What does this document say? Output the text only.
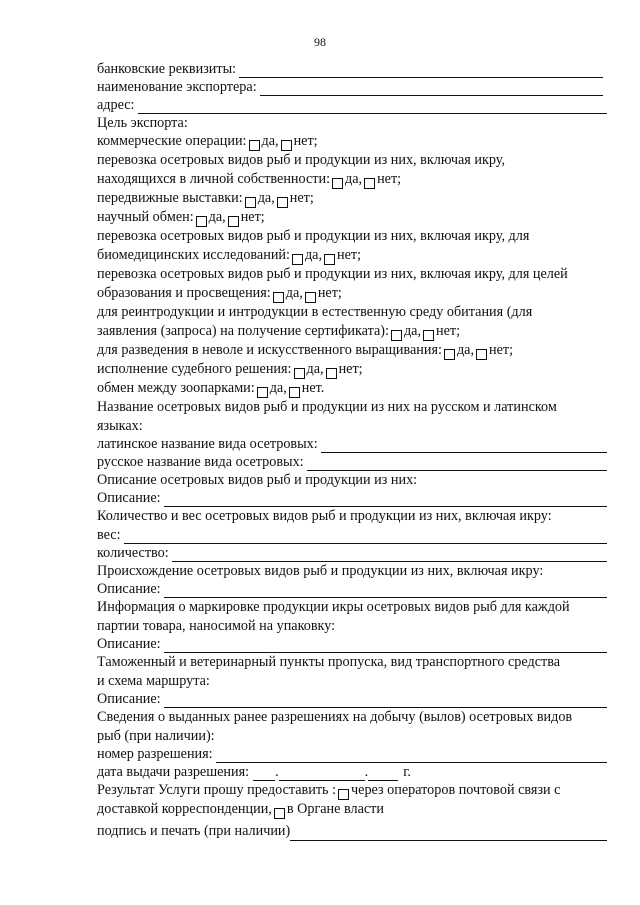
98
банковские реквизиты:
наименование экспортера:
адрес:
Цель экспорта:
коммерческие операции: да, нет;
перевозка осетровых видов рыб и продукции из них, включая икру,
находящихся в личной собственности: да, нет;
передвижные выставки: да, нет;
научный обмен: да, нет;
перевозка осетровых видов рыб и продукции из них, включая икру, для
биомедицинских исследований: да, нет;
перевозка осетровых видов рыб и продукции из них, включая икру, для целей
образования и просвещения: да, нет;
для реинтродукции и интродукции в естественную среду обитания (для
заявления (запроса) на получение сертификата): да, нет;
для разведения в неволе и искусственного выращивания: да, нет;
исполнение судебного решения: да, нет;
обмен между зоопарками: да, нет.
Название осетровых видов рыб и продукции из них на русском и латинском
языках:
латинское название вида осетровых:
русское название вида осетровых:
Описание осетровых видов рыб и продукции из них:
Описание:
Количество и вес осетровых видов рыб и продукции из них, включая икру:
вес:
количество:
Происхождение осетровых видов рыб и продукции из них, включая икру:
Описание:
Информация о маркировке продукции икры осетровых видов рыб для каждой
партии товара, наносимой на упаковку:
Описание:
Таможенный и ветеринарный пункты пропуска, вид транспортного средства
и схема маршрута:
Описание:
Сведения о выданных ранее разрешениях на добычу (вылов) осетровых видов
рыб (при наличии):
номер разрешения:
дата выдачи разрешения: .	. г.
Результат Услуги прошу предоставить : через операторов почтовой связи с
доставкой корреспонденции, в Органе власти
подпись и печать (при наличии)
